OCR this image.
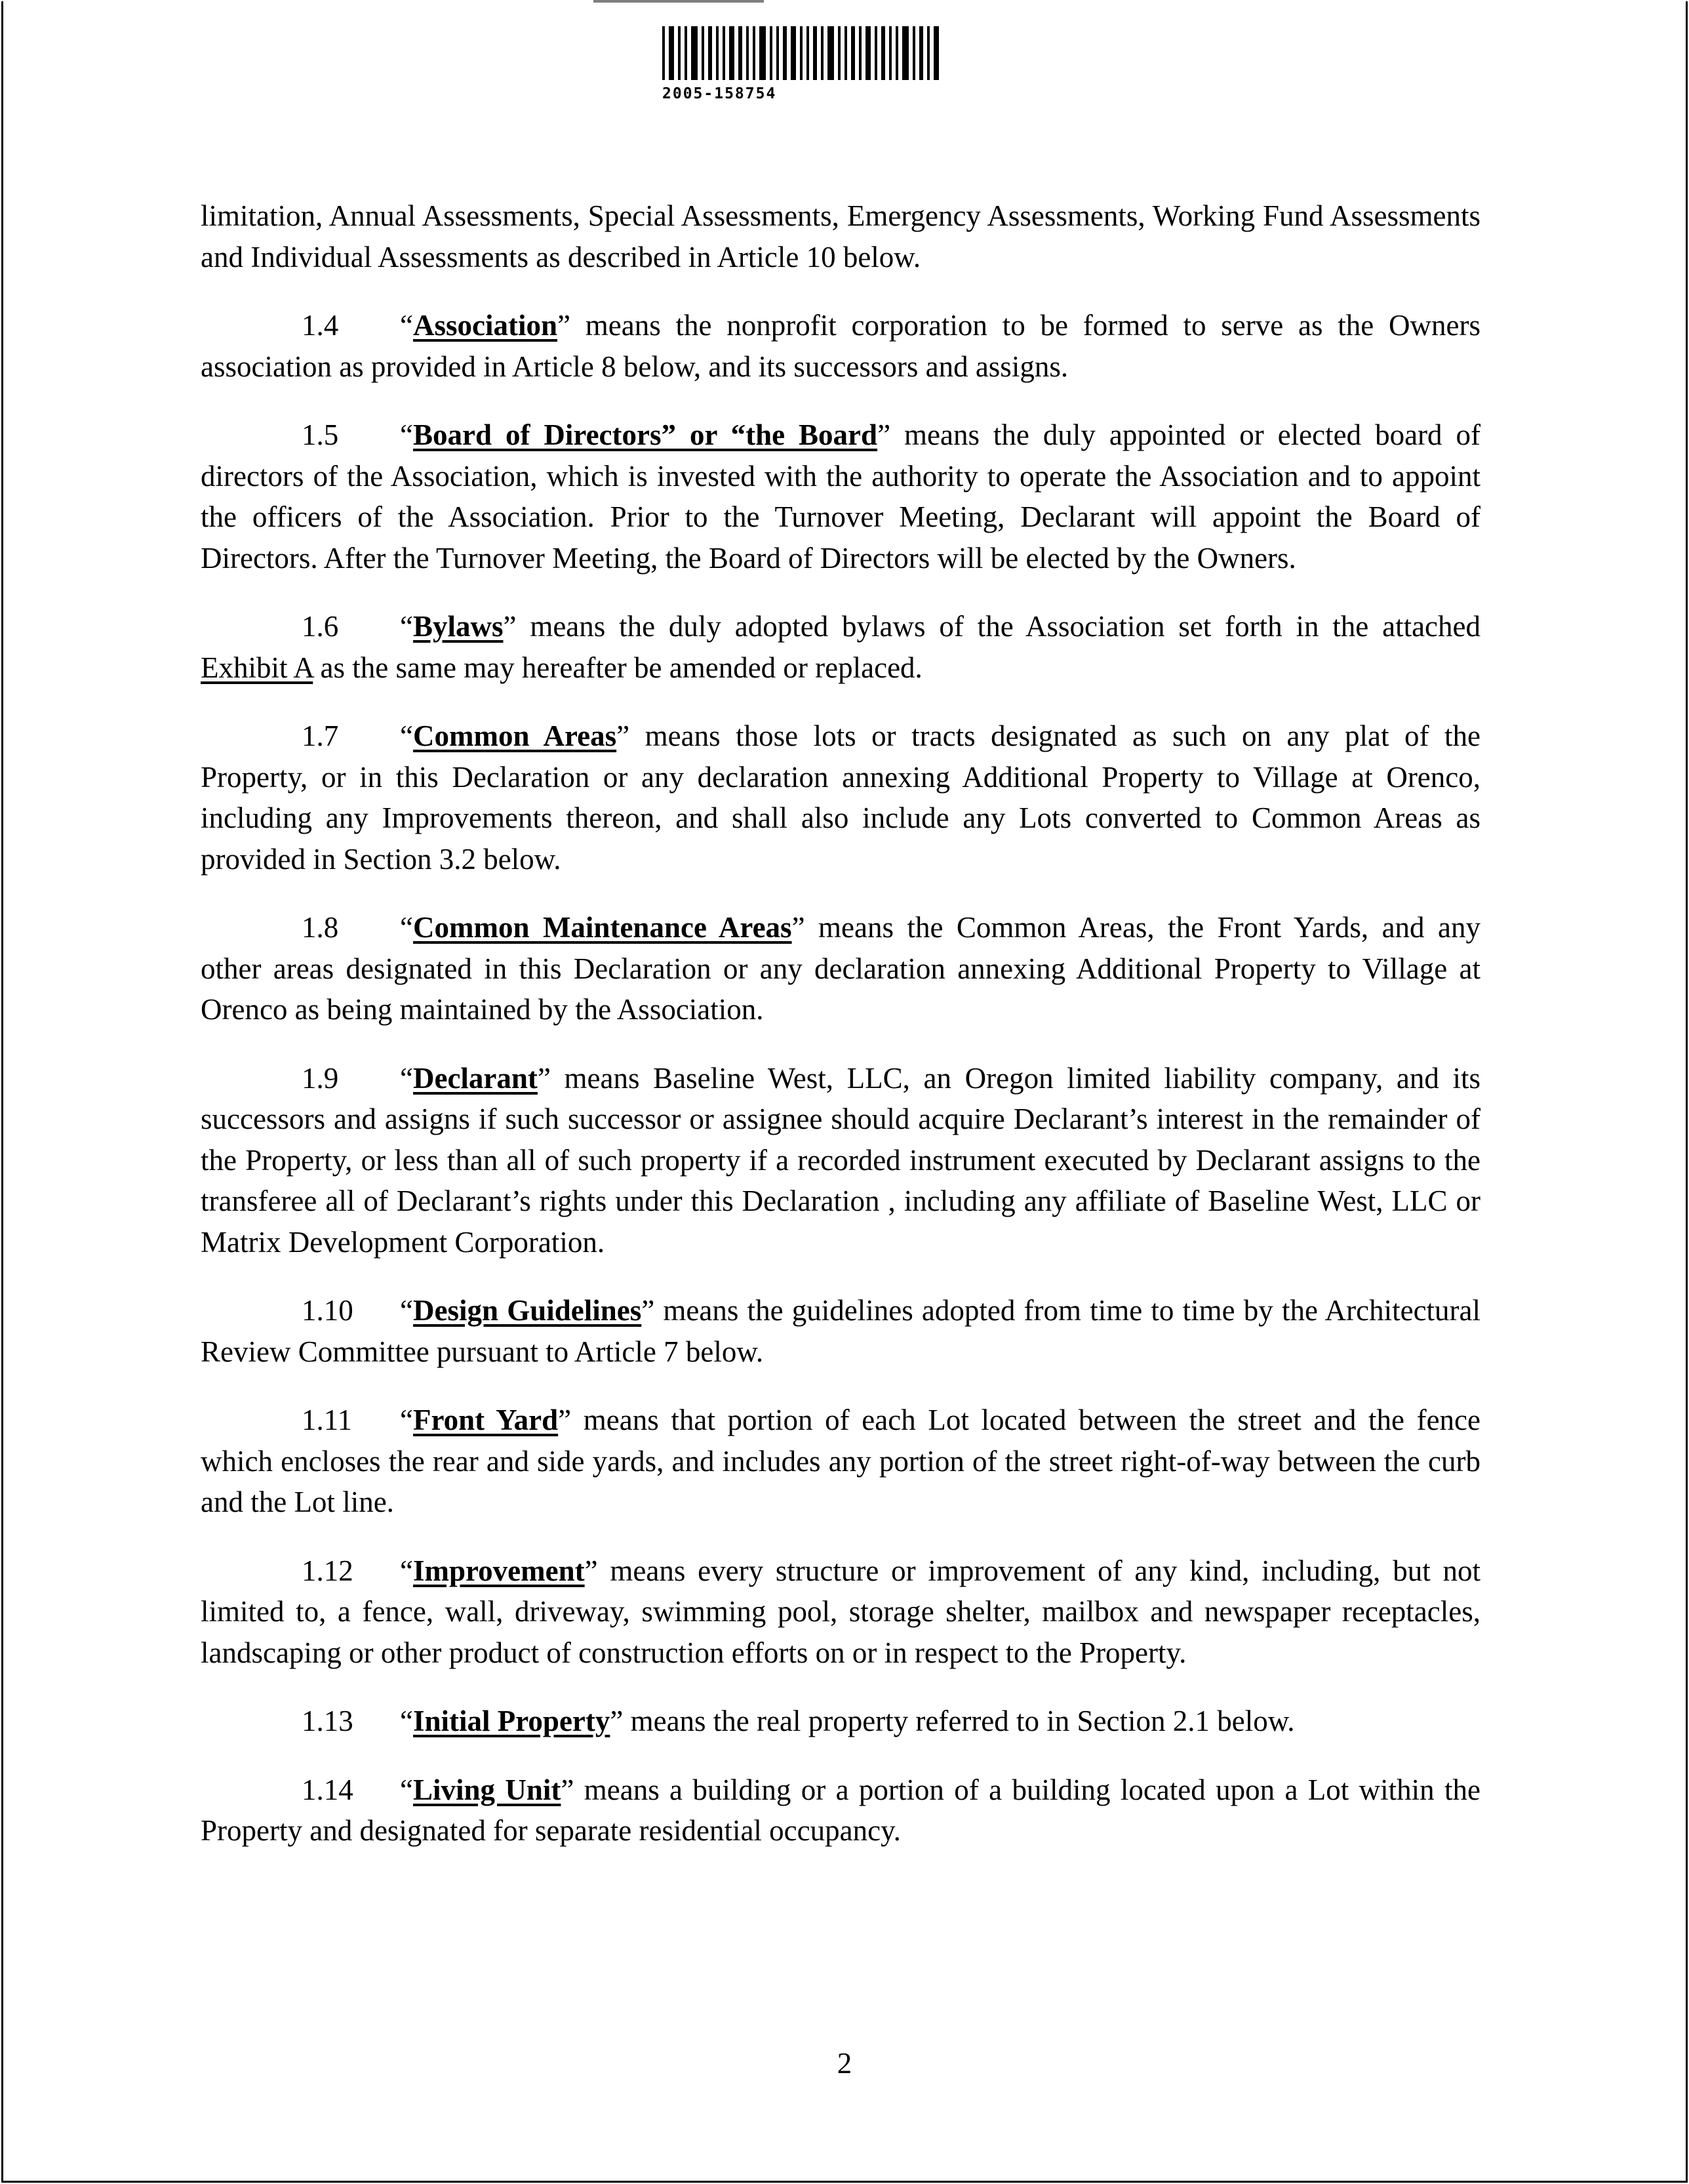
2005-158754

limitation, Annual Assessments, Special Assessments, Emergency Assessments, Working Fund Assessments and Individual Assessments as described in Article 10 below.

1.4 “Association” means the nonprofit corporation to be formed to serve as the Owners association as provided in Article 8 below, and its successors and assigns.

1.5 “Board of Directors” or “the Board” means the duly appointed or elected board of directors of the Association, which is invested with the authority to operate the Association and to appoint the officers of the Association. Prior to the Turnover Meeting, Declarant will appoint the Board of Directors. After the Turnover Meeting, the Board of Directors will be elected by the Owners.

1.6 “Bylaws” means the duly adopted bylaws of the Association set forth in the attached Exhibit A as the same may hereafter be amended or replaced.

1.7 “Common Areas” means those lots or tracts designated as such on any plat of the Property, or in this Declaration or any declaration annexing Additional Property to Village at Orenco, including any Improvements thereon, and shall also include any Lots converted to Common Areas as provided in Section 3.2 below.

1.8 “Common Maintenance Areas” means the Common Areas, the Front Yards, and any other areas designated in this Declaration or any declaration annexing Additional Property to Village at Orenco as being maintained by the Association.

1.9 “Declarant” means Baseline West, LLC, an Oregon limited liability company, and its successors and assigns if such successor or assignee should acquire Declarant’s interest in the remainder of the Property, or less than all of such property if a recorded instrument executed by Declarant assigns to the transferee all of Declarant’s rights under this Declaration , including any affiliate of Baseline West, LLC or Matrix Development Corporation.

1.10 “Design Guidelines” means the guidelines adopted from time to time by the Architectural Review Committee pursuant to Article 7 below.

1.11 “Front Yard” means that portion of each Lot located between the street and the fence which encloses the rear and side yards, and includes any portion of the street right-of-way between the curb and the Lot line.

1.12 “Improvement” means every structure or improvement of any kind, including, but not limited to, a fence, wall, driveway, swimming pool, storage shelter, mailbox and newspaper receptacles, landscaping or other product of construction efforts on or in respect to the Property.

1.13 “Initial Property” means the real property referred to in Section 2.1 below.

1.14 “Living Unit” means a building or a portion of a building located upon a Lot within the Property and designated for separate residential occupancy.

2
